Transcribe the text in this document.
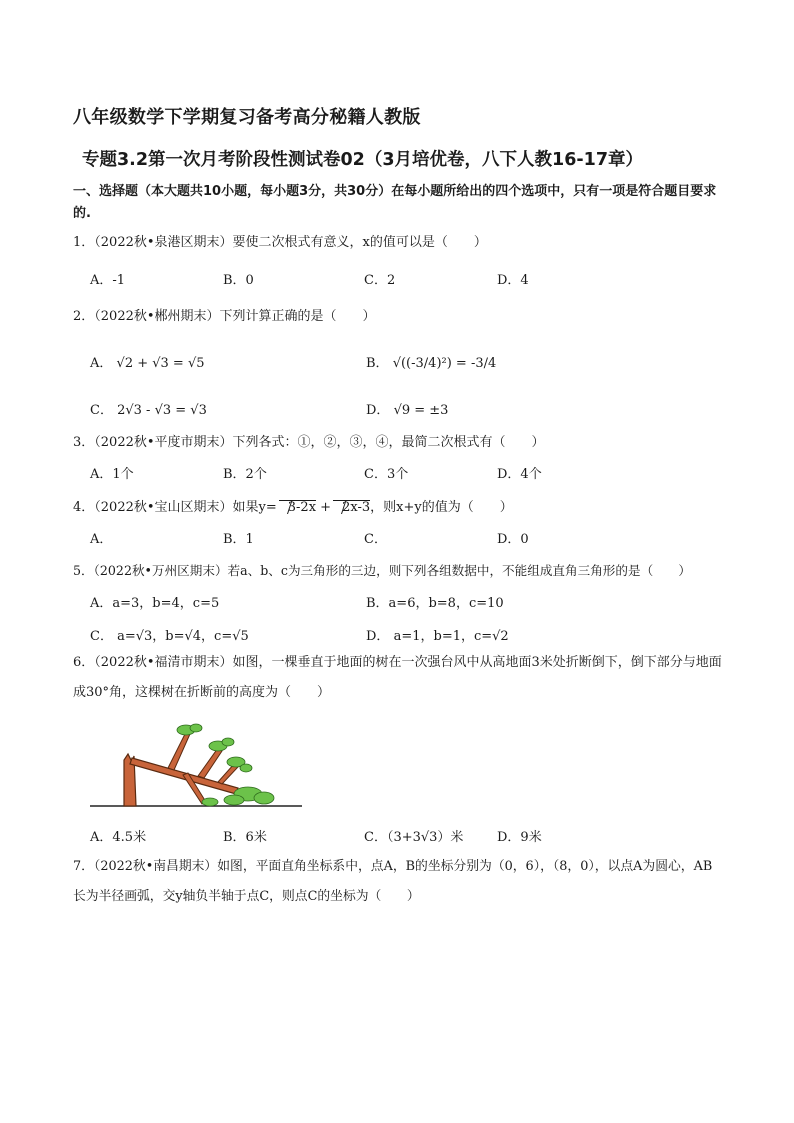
八年级数学下学期复习备考高分秘籍人教版
专题3.2第一次月考阶段性测试卷02（3月培优卷，八下人教16-17章）
一、选择题（本大题共10小题，每小题3分，共30分）在每小题所给出的四个选项中，只有一项是符合题目要求的.
1．（2022秋•泉港区期末）要使二次根式有意义，x的值可以是（　　）
A．-1	B．0	C．2	D．4
2．（2022秋•郴州期末）下列计算正确的是（　　）
A． √2 + √3 = √5	B． √((-3/4)²) = -3/4
C． 2√3 - √3 = √3	D． √9 = ±3
3．（2022秋•平度市期末）下列各式：①，②，③，④，最简二次根式有（　　）
A．1个	B．2个	C．3个	D．4个
4．（2022秋•宝山区期末）如果y= 3-2x + 2x-3，则x+y的值为（　　）
A．	B．1	C．	D．0
5．（2022秋•万州区期末）若a、b、c为三角形的三边，则下列各组数据中，不能组成直角三角形的是（　　）
A．a=3，b=4，c=5	B．a=6，b=8，c=10
C． a=√3，b=√4，c=√5	D． a=1，b=1，c=√2
6．（2022秋•福清市期末）如图，一棵垂直于地面的树在一次强台风中从高地面3米处折断倒下，倒下部分与地面成30°角，这棵树在折断前的高度为（　　）
A．4.5米	B．6米	C．（3+3√3）米	D．9米
7．（2022秋•南昌期末）如图，平面直角坐标系中，点A，B的坐标分别为（0，6），（8，0），以点A为圆心，AB长为半径画弧，交y轴负半轴于点C，则点C的坐标为（　　）
